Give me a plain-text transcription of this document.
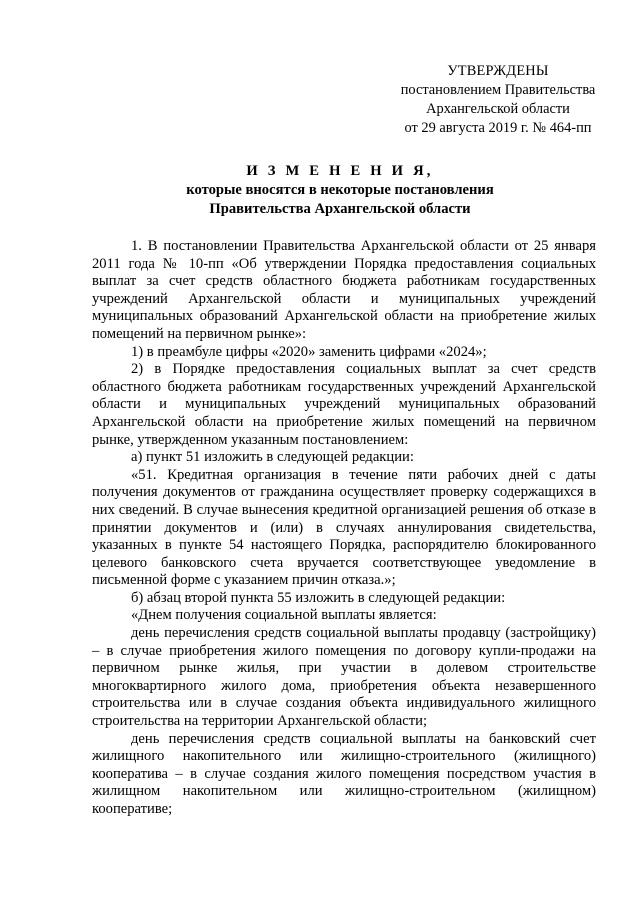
УТВЕРЖДЕНЫ
постановлением Правительства
Архангельской области
от 29 августа 2019 г. № 464-пп
И З М Е Н Е Н И Я,
которые вносятся в некоторые постановления
Правительства Архангельской области

1. В постановлении Правительства Архангельской области от 25 января 2011 года № 10-пп «Об утверждении Порядка предоставления социальных выплат за счет средств областного бюджета работникам государственных учреждений Архангельской области и муниципальных учреждений муниципальных образований Архангельской области на приобретение жилых помещений на первичном рынке»:

1) в преамбуле цифры «2020» заменить цифрами «2024»;

2) в Порядке предоставления социальных выплат за счет средств областного бюджета работникам государственных учреждений Архангельской области и муниципальных учреждений муниципальных образований Архангельской области на приобретение жилых помещений на первичном рынке, утвержденном указанным постановлением:

а) пункт 51 изложить в следующей редакции:

«51. Кредитная организация в течение пяти рабочих дней с даты получения документов от гражданина осуществляет проверку содержащихся в них сведений. В случае вынесения кредитной организацией решения об отказе в принятии документов и (или) в случаях аннулирования свидетельства, указанных в пункте 54 настоящего Порядка, распорядителю блокированного целевого банковского счета вручается соответствующее уведомление в письменной форме с указанием причин отказа.»;

б) абзац второй пункта 55 изложить в следующей редакции:

«Днем получения социальной выплаты является:

день перечисления средств социальной выплаты продавцу (застройщику) – в случае приобретения жилого помещения по договору купли-продажи на первичном рынке жилья, при участии в долевом строительстве многоквартирного жилого дома, приобретения объекта незавершенного строительства или в случае создания объекта индивидуального жилищного строительства на территории Архангельской области;

день перечисления средств социальной выплаты на банковский счет жилищного накопительного или жилищно-строительного (жилищного) кооператива – в случае создания жилого помещения посредством участия в жилищном накопительном или жилищно-строительном (жилищном) кооперативе;
